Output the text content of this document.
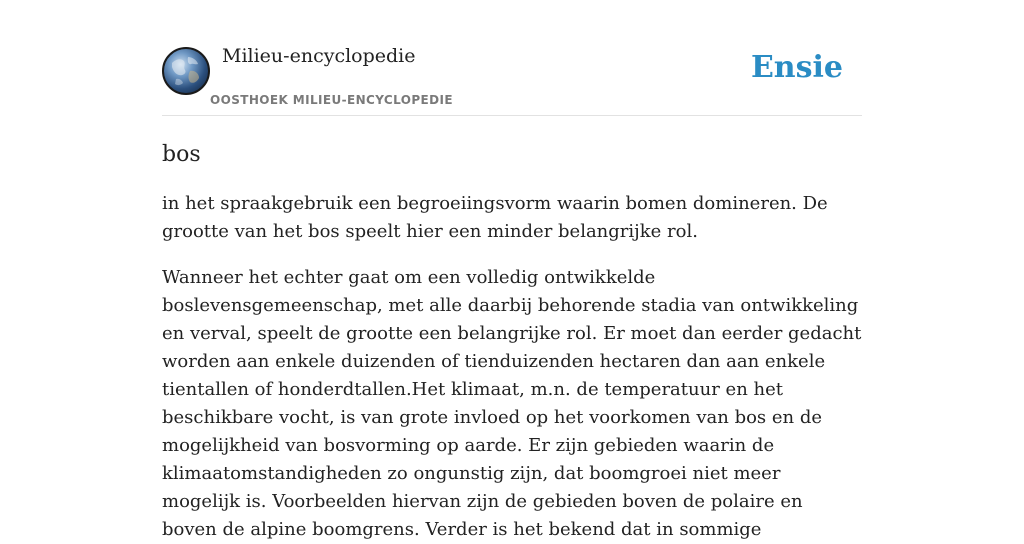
Milieu-encyclopedie
OOSTHOEK MILIEU-ENCYCLOPEDIE
Ensie
bos

in het spraakgebruik een begroeiingsvorm waarin bomen domineren. De grootte van het bos speelt hier een minder belangrijke rol.

Wanneer het echter gaat om een volledig ontwikkelde boslevensgemeenschap, met alle daarbij behorende stadia van ontwikkeling en verval, speelt de grootte een belangrijke rol. Er moet dan eerder gedacht worden aan enkele duizenden of tienduizenden hectaren dan aan enkele tientallen of honderdtallen.Het klimaat, m.n. de temperatuur en het beschikbare vocht, is van grote invloed op het voorkomen van bos en de mogelijkheid van bosvorming op aarde. Er zijn gebieden waarin de klimaatomstandigheden zo ongunstig zijn, dat boomgroei niet meer mogelijk is. Voorbeelden hiervan zijn de gebieden boven de polaire en boven de alpine boomgrens. Verder is het bekend dat in sommige
